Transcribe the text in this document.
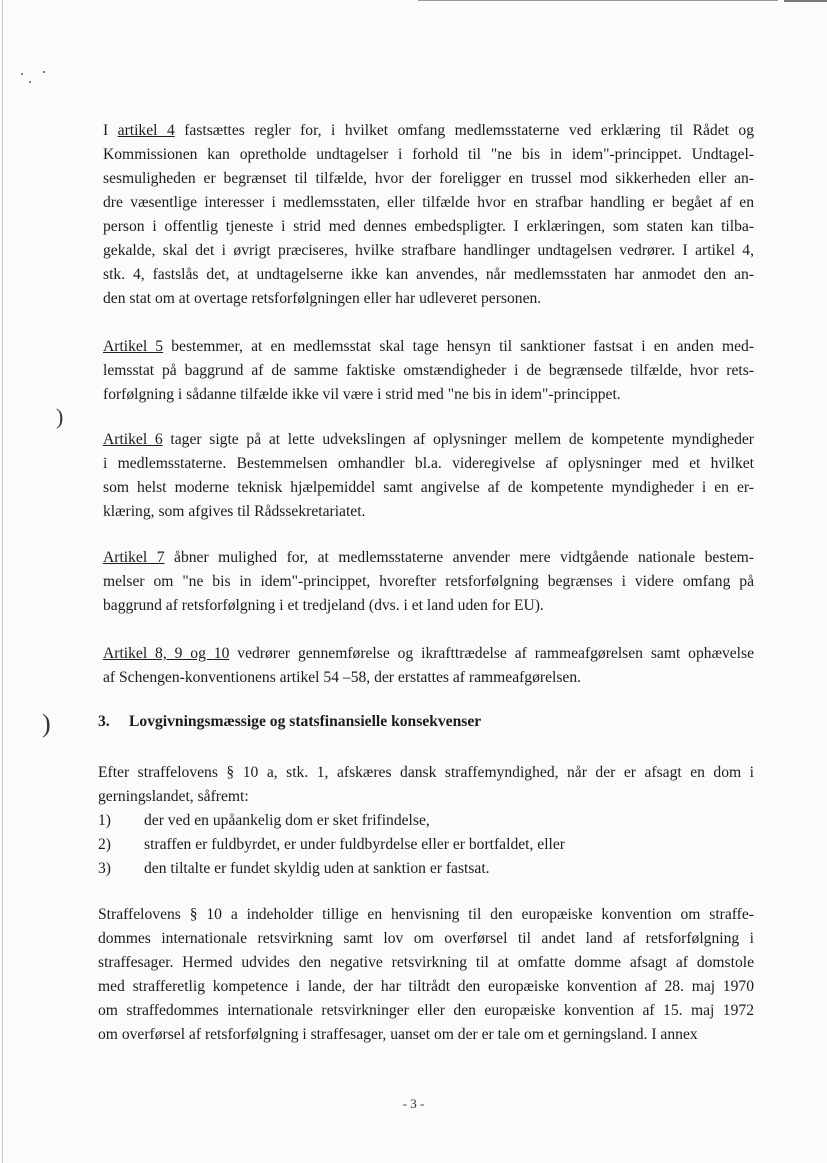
)
)
I artikel 4 fastsættes regler for, i hvilket omfang medlemsstaterne ved erklæring til Rådet og
Kommissionen kan opretholde undtagelser i forhold til "ne bis in idem"-princippet. Undtagel-
sesmuligheden er begrænset til tilfælde, hvor der foreligger en trussel mod sikkerheden eller an-
dre væsentlige interesser i medlemsstaten, eller tilfælde hvor en strafbar handling er begået af en
person i offentlig tjeneste i strid med dennes embedspligter. I erklæringen, som staten kan tilba-
gekalde, skal det i øvrigt præciseres, hvilke strafbare handlinger undtagelsen vedrører. I artikel 4,
stk. 4, fastslås det, at undtagelserne ikke kan anvendes, når medlemsstaten har anmodet den an-
den stat om at overtage retsforfølgningen eller har udleveret personen.
Artikel 5 bestemmer, at en medlemsstat skal tage hensyn til sanktioner fastsat i en anden med-
lemsstat på baggrund af de samme faktiske omstændigheder i de begrænsede tilfælde, hvor rets-
forfølgning i sådanne tilfælde ikke vil være i strid med "ne bis in idem"-princippet.
Artikel 6 tager sigte på at lette udvekslingen af oplysninger mellem de kompetente myndigheder
i medlemsstaterne. Bestemmelsen omhandler bl.a. videregivelse af oplysninger med et hvilket
som helst moderne teknisk hjælpemiddel samt angivelse af de kompetente myndigheder i en er-
klæring, som afgives til Rådssekretariatet.
Artikel 7 åbner mulighed for, at medlemsstaterne anvender mere vidtgående nationale bestem-
melser om "ne bis in idem"-princippet, hvorefter retsforfølgning begrænses i videre omfang på
baggrund af retsforfølgning i et tredjeland (dvs. i et land uden for EU).
Artikel 8, 9 og 10 vedrører gennemførelse og ikrafttrædelse af rammeafgørelsen samt ophævelse
af Schengen-konventionens artikel 54 –58, der erstattes af rammeafgørelsen.
3. Lovgivningsmæssige og statsfinansielle konsekvenser
Efter straffelovens § 10 a, stk. 1, afskæres dansk straffemyndighed, når der er afsagt en dom i
gerningslandet, såfremt:
1) der ved en upåankelig dom er sket frifindelse,
2) straffen er fuldbyrdet, er under fuldbyrdelse eller er bortfaldet, eller
3) den tiltalte er fundet skyldig uden at sanktion er fastsat.
Straffelovens § 10 a indeholder tillige en henvisning til den europæiske konvention om straffe-
dommes internationale retsvirkning samt lov om overførsel til andet land af retsforfølgning i
straffesager. Hermed udvides den negative retsvirkning til at omfatte domme afsagt af domstole
med strafferetlig kompetence i lande, der har tiltrådt den europæiske konvention af 28. maj 1970
om straffedommes internationale retsvirkninger eller den europæiske konvention af 15. maj 1972
om overførsel af retsforfølgning i straffesager, uanset om der er tale om et gerningsland. I annex
- 3 -
